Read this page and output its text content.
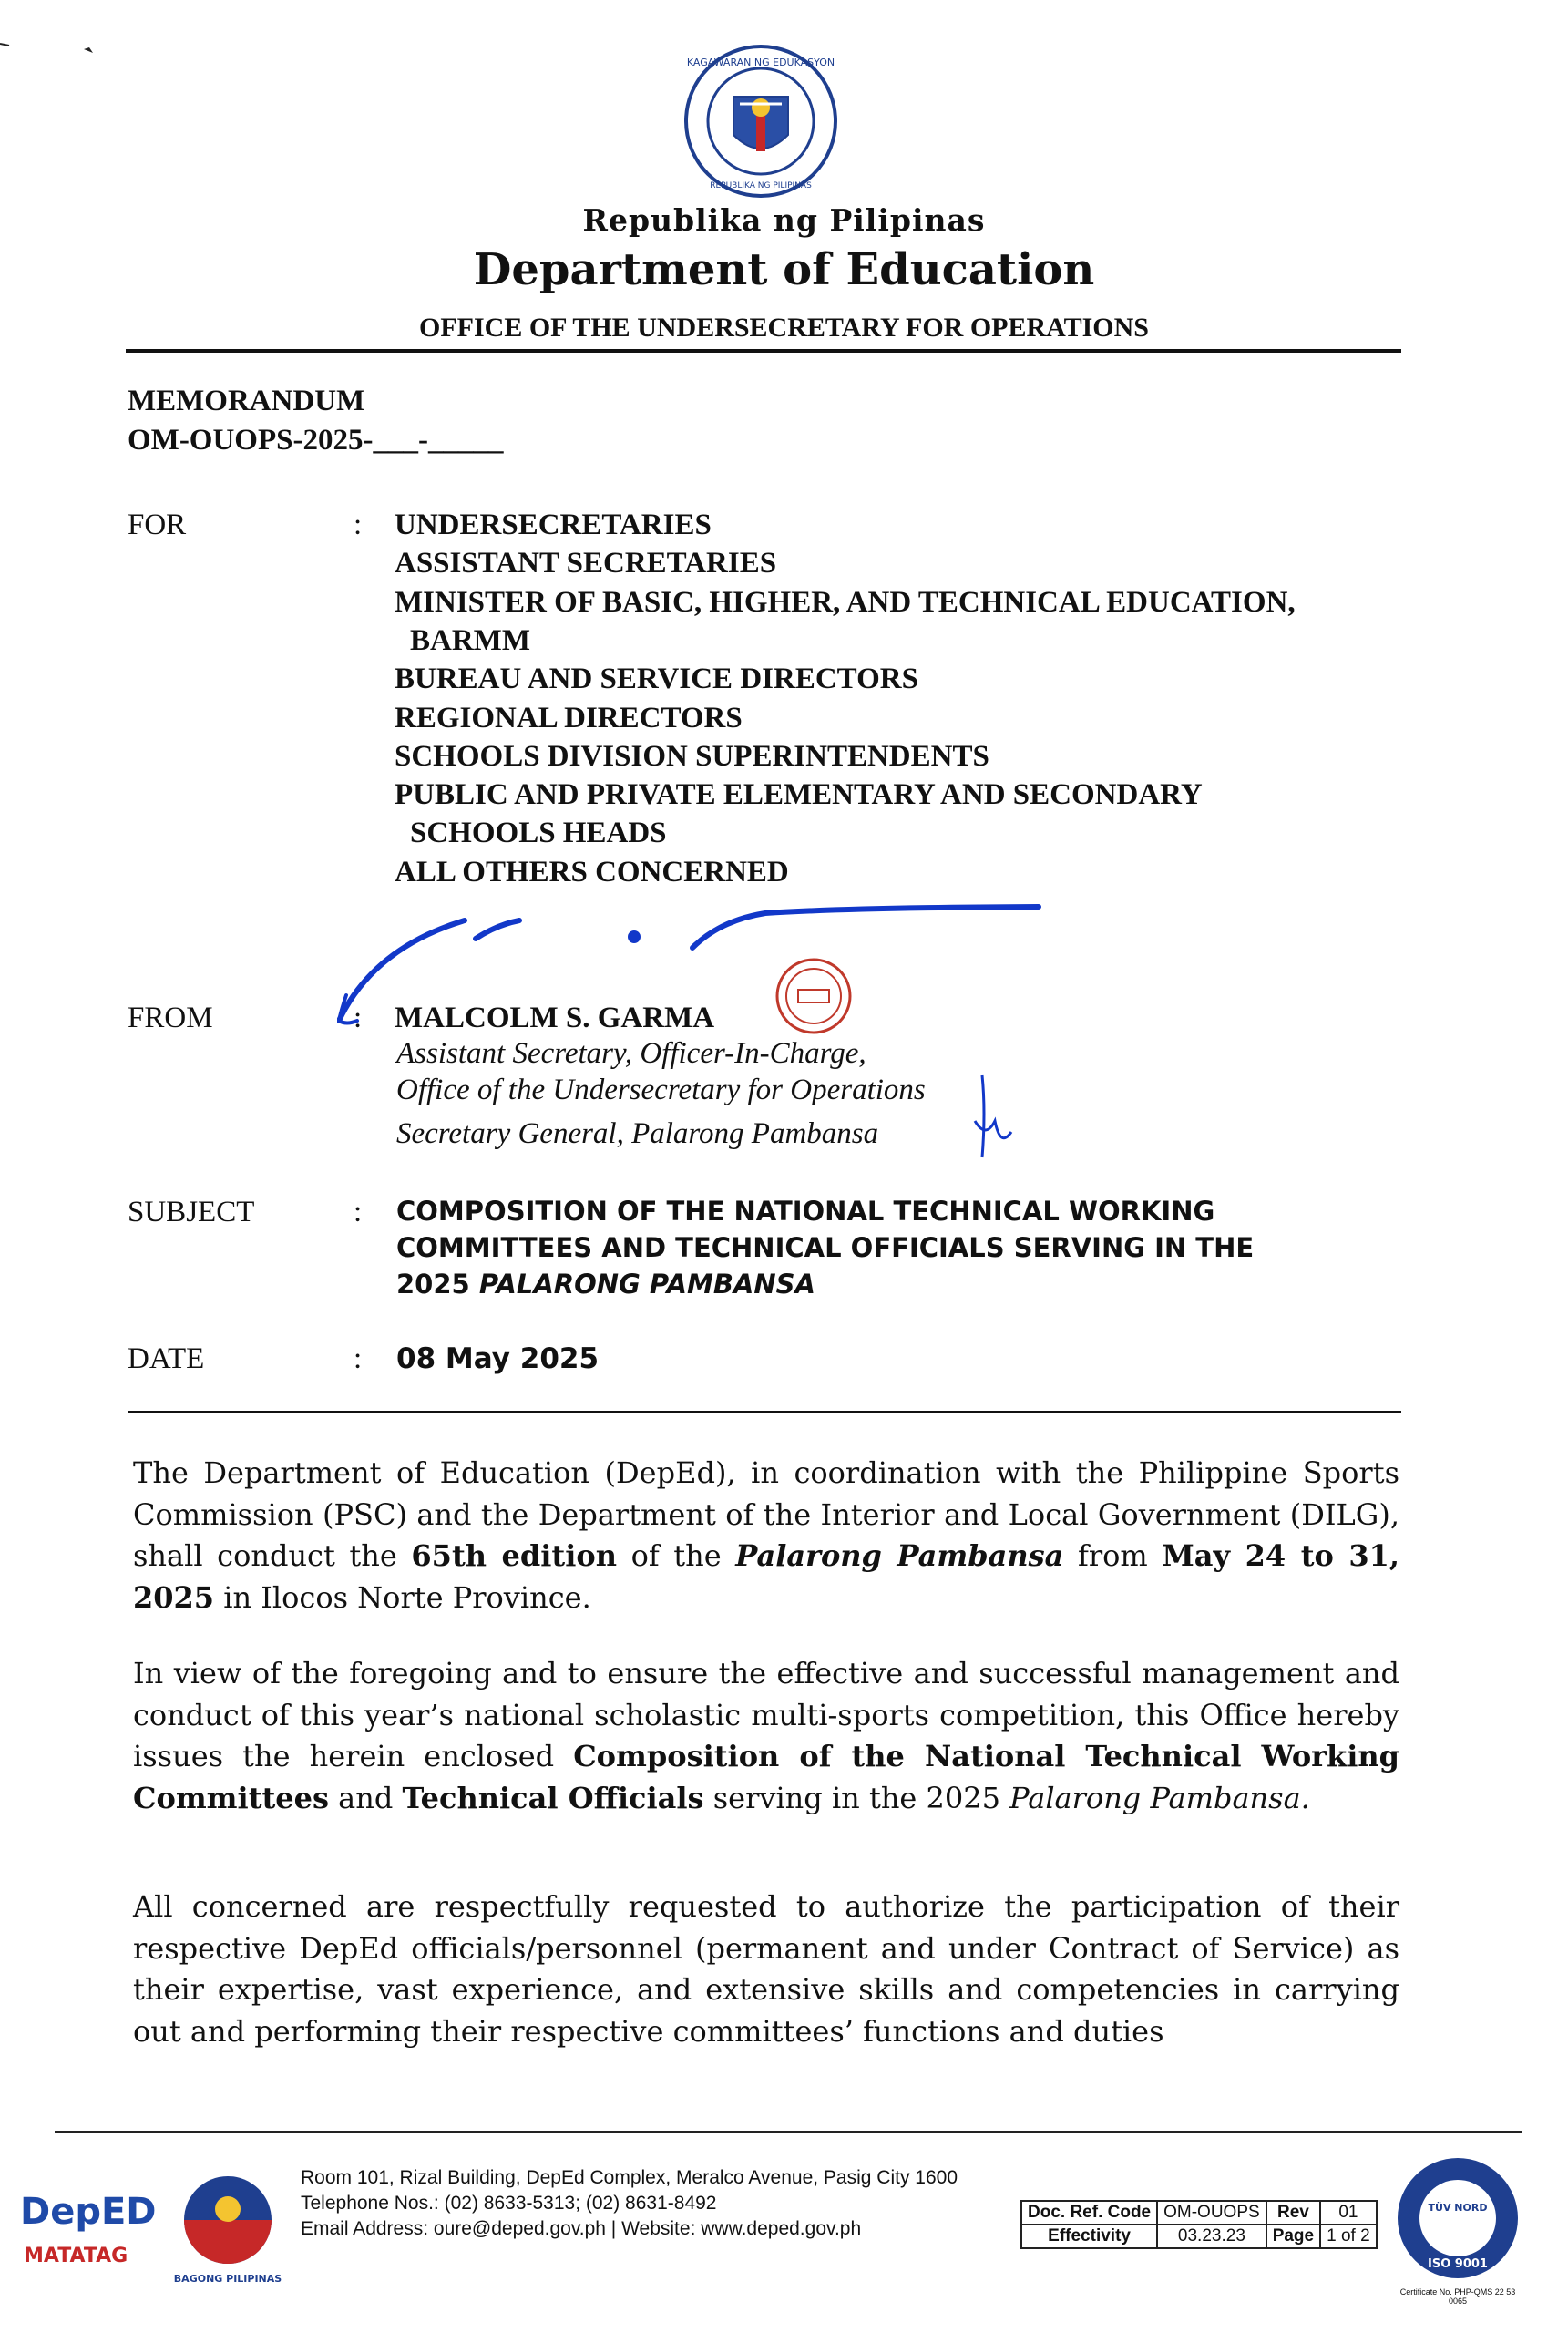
KAGAWARAN NG EDUKASYON
REPUBLIKA NG PILIPINAS
Republika ng Pilipinas
Department of Education
OFFICE OF THE UNDERSECRETARY FOR OPERATIONS
MEMORANDUM
OM-OUOPS-2025-___-_____
FOR	: UNDERSECRETARIES
ASSISTANT SECRETARIES
MINISTER OF BASIC, HIGHER, AND TECHNICAL EDUCATION,
BARMM
BUREAU AND SERVICE DIRECTORS
REGIONAL DIRECTORS
SCHOOLS DIVISION SUPERINTENDENTS
PUBLIC AND PRIVATE ELEMENTARY AND SECONDARY
SCHOOLS HEADS
ALL OTHERS CONCERNED
FROM	: MALCOLM S. GARMA
Assistant Secretary, Officer-In-Charge,
Office of the Undersecretary for Operations
Secretary General, Palarong Pambansa
SUBJECT	: COMPOSITION OF THE NATIONAL TECHNICAL WORKING
COMMITTEES AND TECHNICAL OFFICIALS SERVING IN THE
2025 PALARONG PAMBANSA
DATE	: 08 May 2025

The Department of Education (DepEd), in coordination with the Philippine Sports Commission (PSC) and the Department of the Interior and Local Government (DILG), shall conduct the 65th edition of the Palarong Pambansa from May 24 to 31, 2025 in Ilocos Norte Province.

In view of the foregoing and to ensure the effective and successful management and conduct of this year’s national scholastic multi-sports competition, this Office hereby issues the herein enclosed Composition of the National Technical Working Committees and Technical Officials serving in the 2025 Palarong Pambansa.

All concerned are respectfully requested to authorize the participation of their respective DepEd officials/personnel (permanent and under Contract of Service) as their expertise, vast experience, and extensive skills and competencies in carrying out and performing their respective committees’ functions and duties

DepED
MATATAG
BAGONG PILIPINAS
Room 101, Rizal Building, DepEd Complex, Meralco Avenue, Pasig City 1600
Telephone Nos.: (02) 8633-5313; (02) 8631-8492
Email Address: oure@deped.gov.ph | Website: www.deped.gov.ph
Doc. Ref. Code	OM-OUOPS	Rev	01
Effectivity	03.23.23	Page	1 of 2
TÜV NORD
ISO 9001
Certificate No. PHP-QMS 22 53 0065
